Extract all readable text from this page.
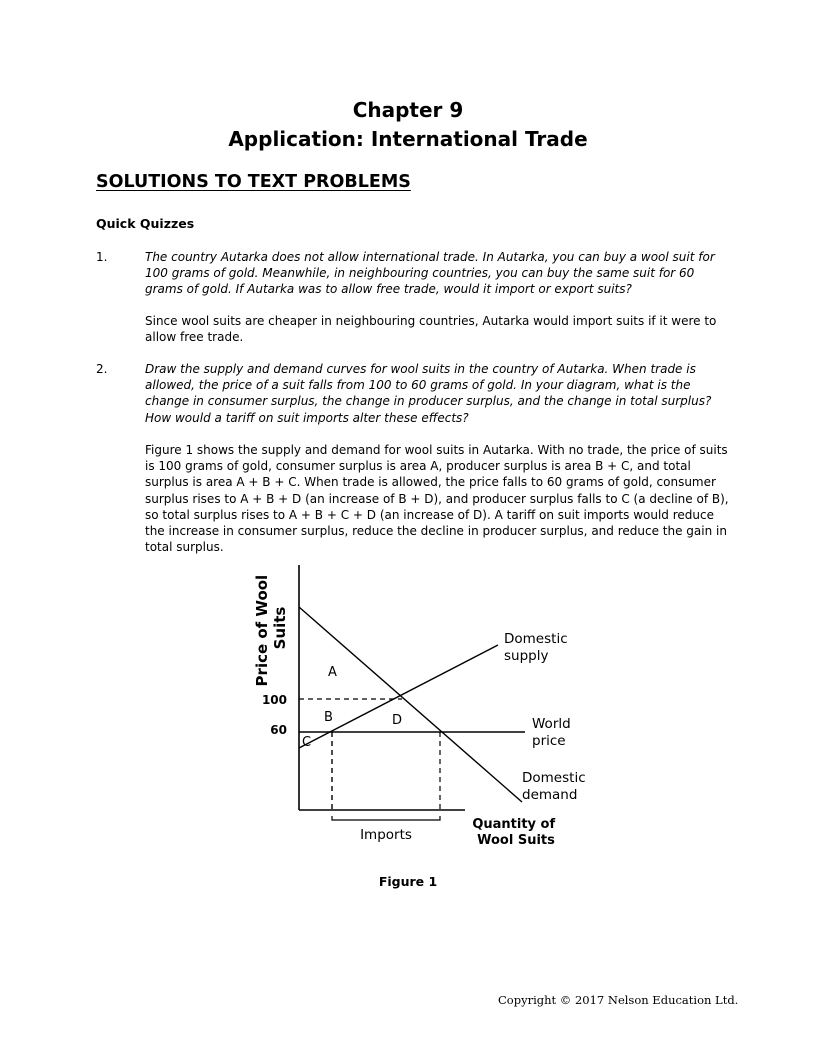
Chapter 9
Application: International Trade
SOLUTIONS TO TEXT PROBLEMS
Quick Quizzes
1.	The country Autarka does not allow international trade. In Autarka, you can buy a wool suit for
100 grams of gold. Meanwhile, in neighbouring countries, you can buy the same suit for 60
grams of gold. If Autarka was to allow free trade, would it import or export suits?
Since wool suits are cheaper in neighbouring countries, Autarka would import suits if it were to
allow free trade.
2.	Draw the supply and demand curves for wool suits in the country of Autarka. When trade is
allowed, the price of a suit falls from 100 to 60 grams of gold. In your diagram, what is the
change in consumer surplus, the change in producer surplus, and the change in total surplus?
How would a tariff on suit imports alter these effects?
Figure 1 shows the supply and demand for wool suits in Autarka. With no trade, the price of suits
is 100 grams of gold, consumer surplus is area A, producer surplus is area B + C, and total
surplus is area A + B + C. When trade is allowed, the price falls to 60 grams of gold, consumer
surplus rises to A + B + D (an increase of B + D), and producer surplus falls to C (a decline of B),
so total surplus rises to A + B + C + D (an increase of D). A tariff on suit imports would reduce
the increase in consumer surplus, reduce the decline in producer surplus, and reduce the gain in
total surplus.
Price of Wool Suits
100
60
A
B
C
D
Domestic supply
World price
Domestic demand
Imports
Quantity of Wool Suits
Figure 1
Copyright © 2017 Nelson Education Ltd.
